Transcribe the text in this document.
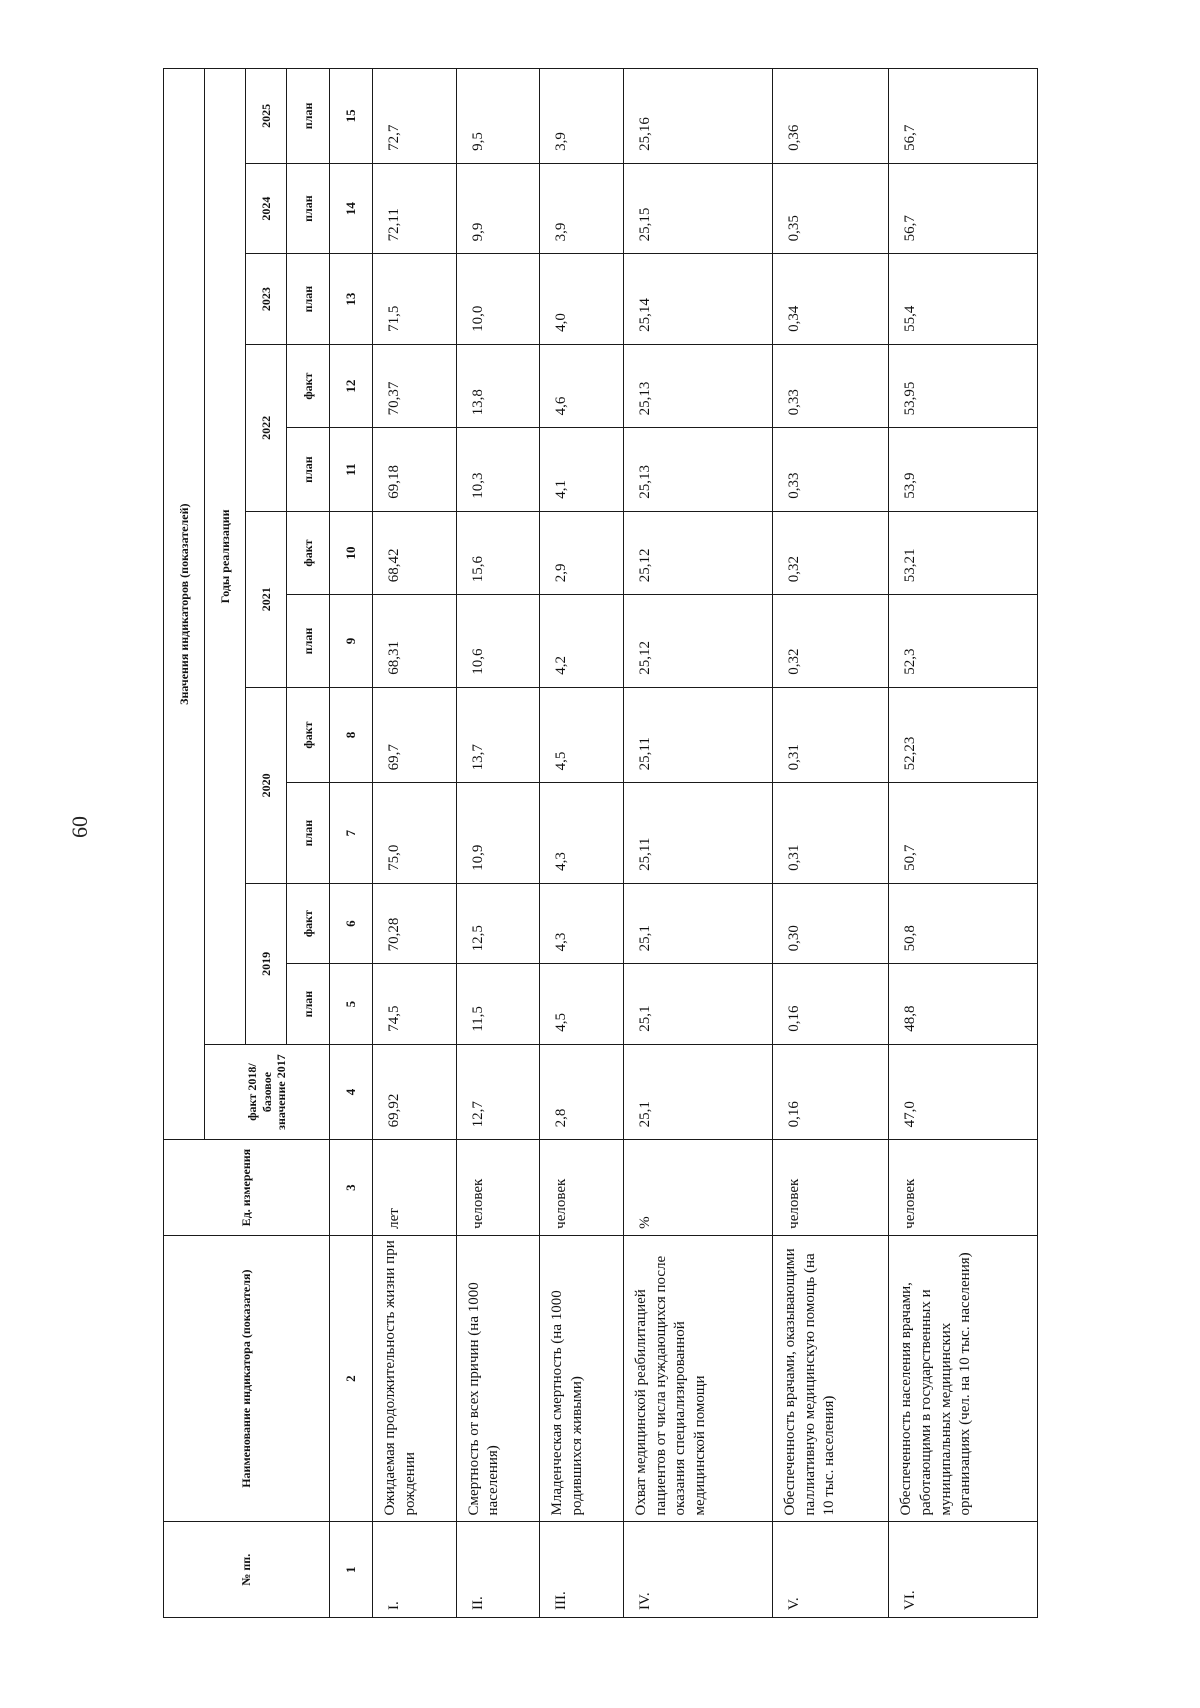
60
№ пп.	Наименование индикатора (показателя)	Ед. измерения	Значения индикаторов (показателей)											
			факт 2018/базовое значение 2017	Годы реализации										
				2019		2020		2021		2022		2023	2024	2025
				план	факт	план	факт	план	факт	план	факт	план	план	план
1	2	3	4	5	6	7	8	9	10	11	12	13	14	15
I.	Ожидаемая продолжительность жизни при рождении	лет	69,92	74,5	70,28	75,0	69,7	68,31	68,42	69,18	70,37	71,5	72,11	72,7
II.	Смертность от всех причин (на 1000 населения)	человек	12,7	11,5	12,5	10,9	13,7	10,6	15,6	10,3	13,8	10,0	9,9	9,5
III.	Младенческая смертность (на 1000 родившихся живыми)	человек	2,8	4,5	4,3	4,3	4,5	4,2	2,9	4,1	4,6	4,0	3,9	3,9
IV.	Охват медицинской реабилитацией пациентов от числа нуждающихся после оказания специализированной медицинской помощи	%	25,1	25,1	25,1	25,11	25,11	25,12	25,12	25,13	25,13	25,14	25,15	25,16
V.	Обеспеченность врачами, оказывающими паллиативную медицинскую помощь (на 10 тыс. населения)	человек	0,16	0,16	0,30	0,31	0,31	0,32	0,32	0,33	0,33	0,34	0,35	0,36
VI.	Обеспеченность населения врачами, работающими в государственных и муниципальных медицинских организациях (чел. на 10 тыс. населения)	человек	47,0	48,8	50,8	50,7	52,23	52,3	53,21	53,9	53,95	55,4	56,7	56,7
